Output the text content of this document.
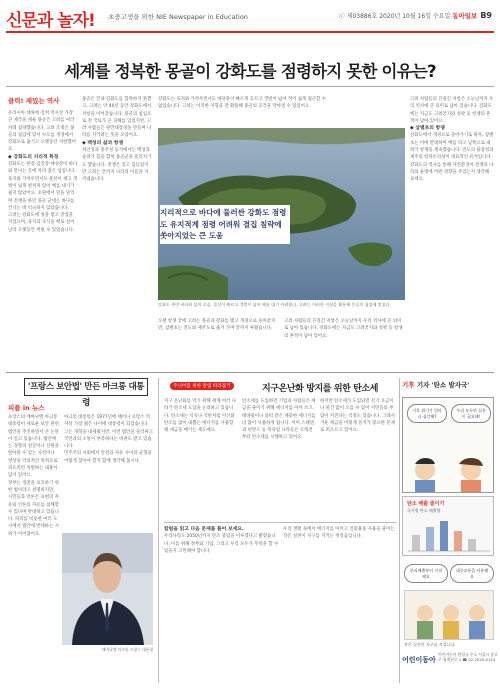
신문과 놀자! 초중고생을 위한 NIE Newspaper in Education	ⓒ 제03886호 2020년 10월 16일 수요일 동아일보 B9
세계를 정복한 몽골이 강화도를 점령하지 못한 이유는?
클릭! 재밌는 역사

유라시아 대륙에 걸쳐 역사상 가장 큰 제국을 세운 몽골은 고려를 여러 차례 침략했습니다. 고려 조정은 몽골의 침입에 맞서 수도를 개경에서 강화도로 옮기고 오랫동안 저항했어요.

◆ 강화도의 지리적 특징

강화도는 한강·임진강·예성강이 바다와 만나는 곳에 자리 잡은 섬입니다. 육지와 가까우면서도 물살이 세고 갯벌이 넓게 펼쳐져 있어 배를 대기가 쉽지 않았어요. 초원에서 말을 달리며 전쟁을 하던 몽골 군대는 바다를 건너는 데 익숙하지 않았습니다.

고려는 강화도에 성을 쌓고 궁궐을 지었으며, 육지의 곡식을 배로 실어 날라 오랫동안 버틸 수 있었습니다.

몽골은 끝내 강화도를 함락하지 못했고, 고려는 약 40년 동안 강화도에서 저항을 이어갔습니다. 몽골의 침입으로 전 국토가 큰 피해를 입었지만, 고려 사람들은 팔만대장경을 만들며 나라를 지키려는 뜻을 모았어요.

◆ 백성의 삶과 항쟁

처인성과 충주성 등지에서는 백성과 승려가 힘을 합쳐 몽골군을 물리치기도 했습니다. 전쟁은 길고 힘들었지만 고려는 끝까지 나라의 이름을 지켜냈습니다.

강화도는 육지와 가까우면서도 바닷물이 빠르게 흐르고 갯벌이 넓어 적이 쉽게 접근할 수 없었습니다. 고려는 이러한 지형을 잘 활용해 몽골의 공격을 막아낼 수 있었어요.

지리적으로 바다에 둘러싼 강화도 점령도 유지적계 점령 어려워 결집 침략에 쏫아지었는 큰 도움
강화도 주변 바다와 섬의 모습. 물살이 빠르고 갯벌이 넓어 배를 대기 어려웠다. 고려는 이러한 지형을 활용해 몽골의 침입에 맞섰다.

오랜 항쟁 끝에 고려는 몽골과 강화를 맺고 개경으로 돌아갔지만, 삼별초는 진도와 제주도로 옮겨 가며 끝까지 싸웠습니다.

고려 사람들의 끈질긴 저항은 오늘날까지 우리 역사에 큰 의미로 남아 있습니다. 강화도에는 지금도 고려궁지와 성곽 등 항쟁의 흔적이 남아 있어요.

고려 사람들의 끈질긴 저항은 오늘날까지 우리 역사에 큰 의미로 남아 있습니다. 강화도에는 지금도 고려궁지와 성곽 등 항쟁의 흔적이 남아 있어요.

◆ 삼별초의 항쟁

강화도에서 개경으로 돌아가기로 하자, 삼별초는 이에 반대하며 배를 타고 남쪽으로 내려가 항쟁을 계속했습니다. 진도의 용장성과 제주의 항파두리성이 대표적인 유적입니다.

강화도의 역사를 통해 자연환경이 전쟁과 나라의 운명에 어떤 영향을 주었는지 생각해 보세요.

'프랑스 보안법' 만든 마크롱 대통령
피플 in 뉴스

프랑스의 에마뉘엘 마크롱 대통령이 새로운 보안 관련 법안을 추진하면서 큰 논란이 일고 있습니다. 법안에는 경찰의 얼굴이나 신원을 알아볼 수 있는 사진이나 영상을 악의적인 목적으로 퍼뜨리면 처벌하는 내용이 담겨 있어요.

정부는 경찰을 보호하기 위한 법이라고 설명하지만, 시민들과 언론은 표현의 자유와 언론의 자유를 침해할 수 있다며 반대하고 있습니다. 파리를 비롯한 여러 도시에서 법안에 반대하는 시위가 이어졌어요.

마크롱 대통령은 1977년에 태어나 프랑스 역사상 가장 젊은 나이에 대통령이 되었습니다. 그는 개혁을 내세웠지만, 이번 법안을 둘러싸고 국민과의 소통이 부족하다는 비판도 받고 있습니다.

민주주의 사회에서 안전과 자유 사이의 균형을 어떻게 찾아야 할지 함께 생각해 봅시다.

에마뉘엘 마크롱 프랑스 대통령
주니어를 위한 칼럼 따라잡기	지구온난화 방지를 위한 탄소세

지구 온난화를 막기 위해 세계 여러 나라가 탄소세 도입을 논의하고 있습니다. 탄소세는 석유나 석탄처럼 이산화탄소를 많이 내뿜는 에너지를 사용할 때 세금을 매기는 제도예요.

탄소세를 도입하면 기업과 사람들은 세금을 줄이기 위해 에너지를 아껴 쓰고, 태양광이나 풍력 같은 깨끗한 에너지를 더 많이 사용하게 됩니다. 이미 스웨덴과 핀란드 등 북유럽 나라들은 오래전부터 탄소세를 시행하고 있어요.

하지만 탄소세가 도입되면 전기 요금이나 물건 값이 오를 수 있어 서민들의 부담이 커진다는 걱정도 있습니다. 그래서 거둔 세금을 어떻게 쓸지가 중요한 문제로 떠오르고 있어요.

칼럼을 읽고 다음 문제를 풀어 보세요.

우리나라도 2050년까지 탄소 중립을 이루겠다고 밝혔습니다. 이를 위해 정부와 기업, 그리고 우리 모두가 무엇을 할 수 있을지 고민해야 합니다.

우리 생활 속에서 에너지를 아끼고 일회용품 사용을 줄이는 작은 실천이 지구를 지키는 첫걸음입니다.

기후 기자 '탄소 발자국'
기후 위기가 얼마나 심각해?
우리 모두의 실천이 필요해!
탄소 배출 줄이기
국가별 탄소 배출량
분리배출부터 시작해요
대중교통을 이용해요
작은 실천이 지구를 지킵니다.
어린이동아
어린이동아 편집국 주소 서울시 종로구 청계천로 1 ☎ 02-2020-0114
